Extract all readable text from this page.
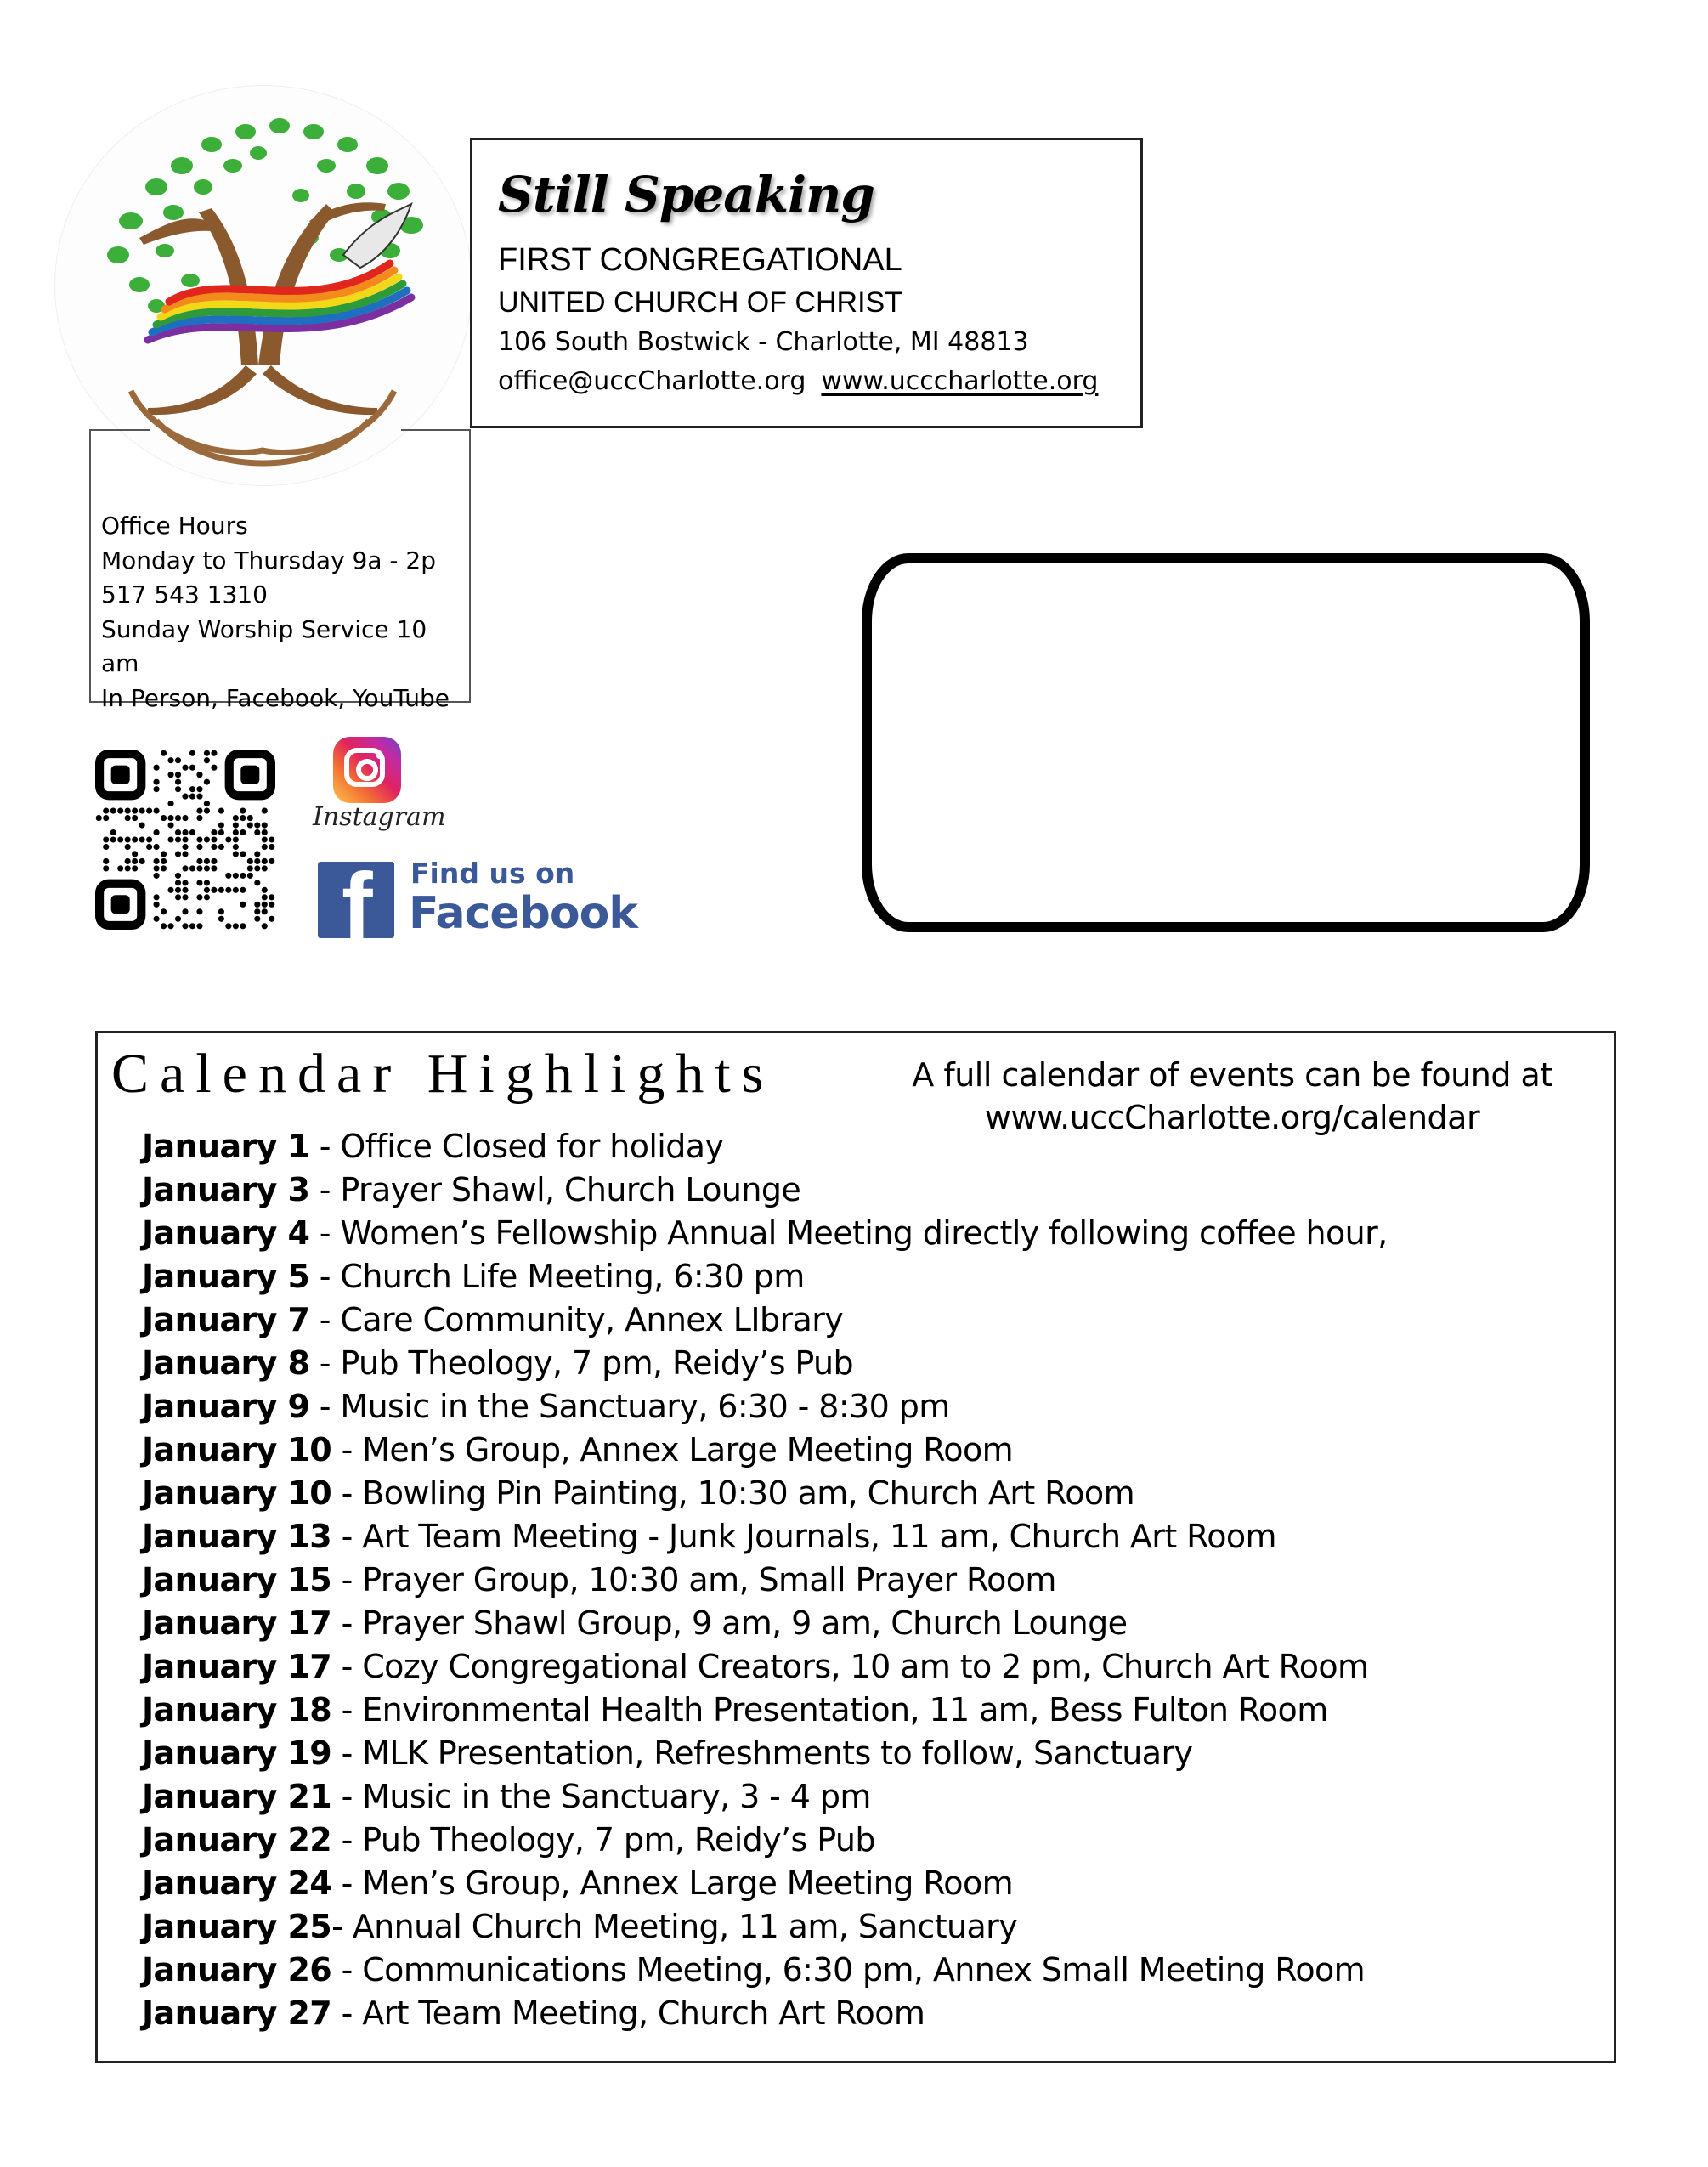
Still Speaking
FIRST CONGREGATIONAL
UNITED CHURCH OF CHRIST
106 South Bostwick - Charlotte, MI 48813
office@uccCharlotte.org www.ucccharlotte.org
Office Hours
Monday to Thursday 9a - 2p
517 543 1310
Sunday Worship Service 10 am
In Person, Facebook, YouTube
Instagram
f Find us on
Facebook
Calendar Highlights	A full calendar of events can be found at
www.uccCharlotte.org/calendar
January 1 - Office Closed for holiday
January 3 - Prayer Shawl, Church Lounge
January 4 - Women’s Fellowship Annual Meeting directly following coffee hour,
January 5 - Church Life Meeting, 6:30 pm
January 7 - Care Community, Annex LIbrary
January 8 - Pub Theology, 7 pm, Reidy’s Pub
January 9 - Music in the Sanctuary, 6:30 - 8:30 pm
January 10 - Men’s Group, Annex Large Meeting Room
January 10 - Bowling Pin Painting, 10:30 am, Church Art Room
January 13 - Art Team Meeting - Junk Journals, 11 am, Church Art Room
January 15 - Prayer Group, 10:30 am, Small Prayer Room
January 17 - Prayer Shawl Group, 9 am, 9 am, Church Lounge
January 17 - Cozy Congregational Creators, 10 am to 2 pm, Church Art Room
January 18 - Environmental Health Presentation, 11 am, Bess Fulton Room
January 19 - MLK Presentation, Refreshments to follow, Sanctuary
January 21 - Music in the Sanctuary, 3 - 4 pm
January 22 - Pub Theology, 7 pm, Reidy’s Pub
January 24 - Men’s Group, Annex Large Meeting Room
January 25- Annual Church Meeting, 11 am, Sanctuary
January 26 - Communications Meeting, 6:30 pm, Annex Small Meeting Room
January 27 - Art Team Meeting, Church Art Room
